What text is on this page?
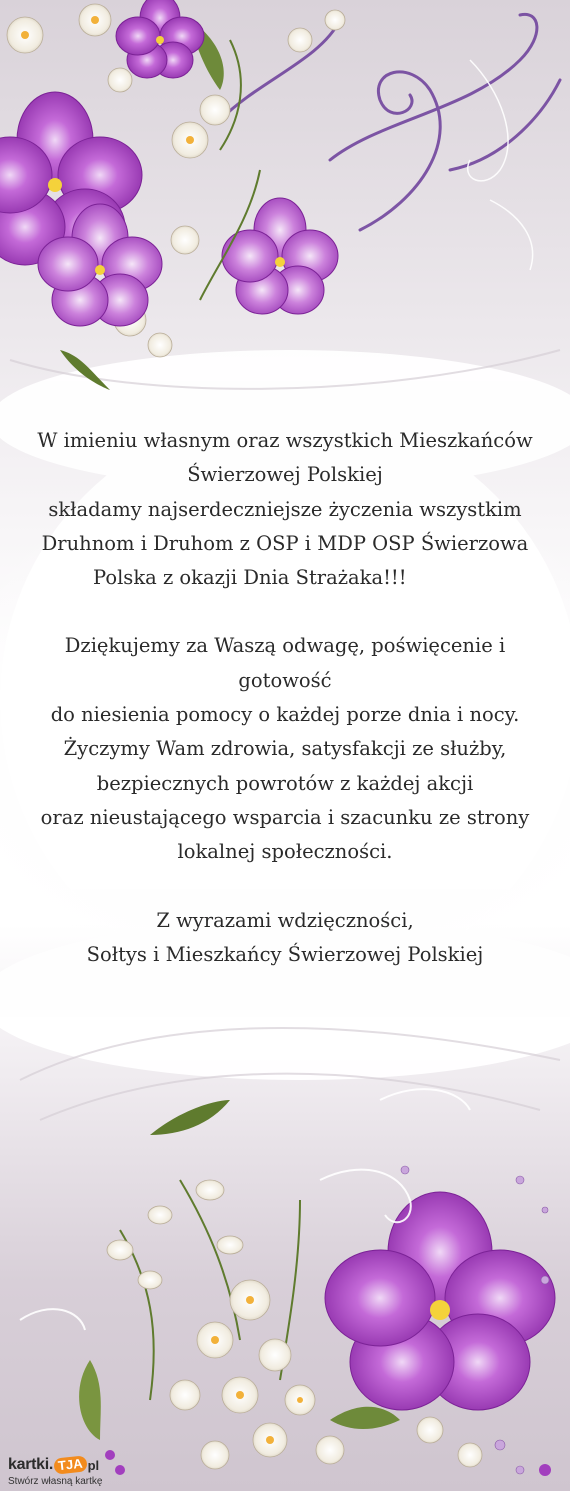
W imieniu własnym oraz wszystkich Mieszkańców

Świerzowej Polskiej

składamy najserdeczniejsze życzenia wszystkim

Druhnom i Druhom z OSP i MDP OSP Świerzowa

Polska z okazji Dnia Strażaka!!!

Dziękujemy za Waszą odwagę, poświęcenie i

gotowość

do niesienia pomocy o każdej porze dnia i nocy.

Życzymy Wam zdrowia, satysfakcji ze służby,

bezpiecznych powrotów z każdej akcji

oraz nieustającego wsparcia i szacunku ze strony

lokalnej społeczności.

Z wyrazami wdzięczności,

Sołtys i Mieszkańcy Świerzowej Polskiej

kartki. TJA pl
Stwórz własną kartkę
